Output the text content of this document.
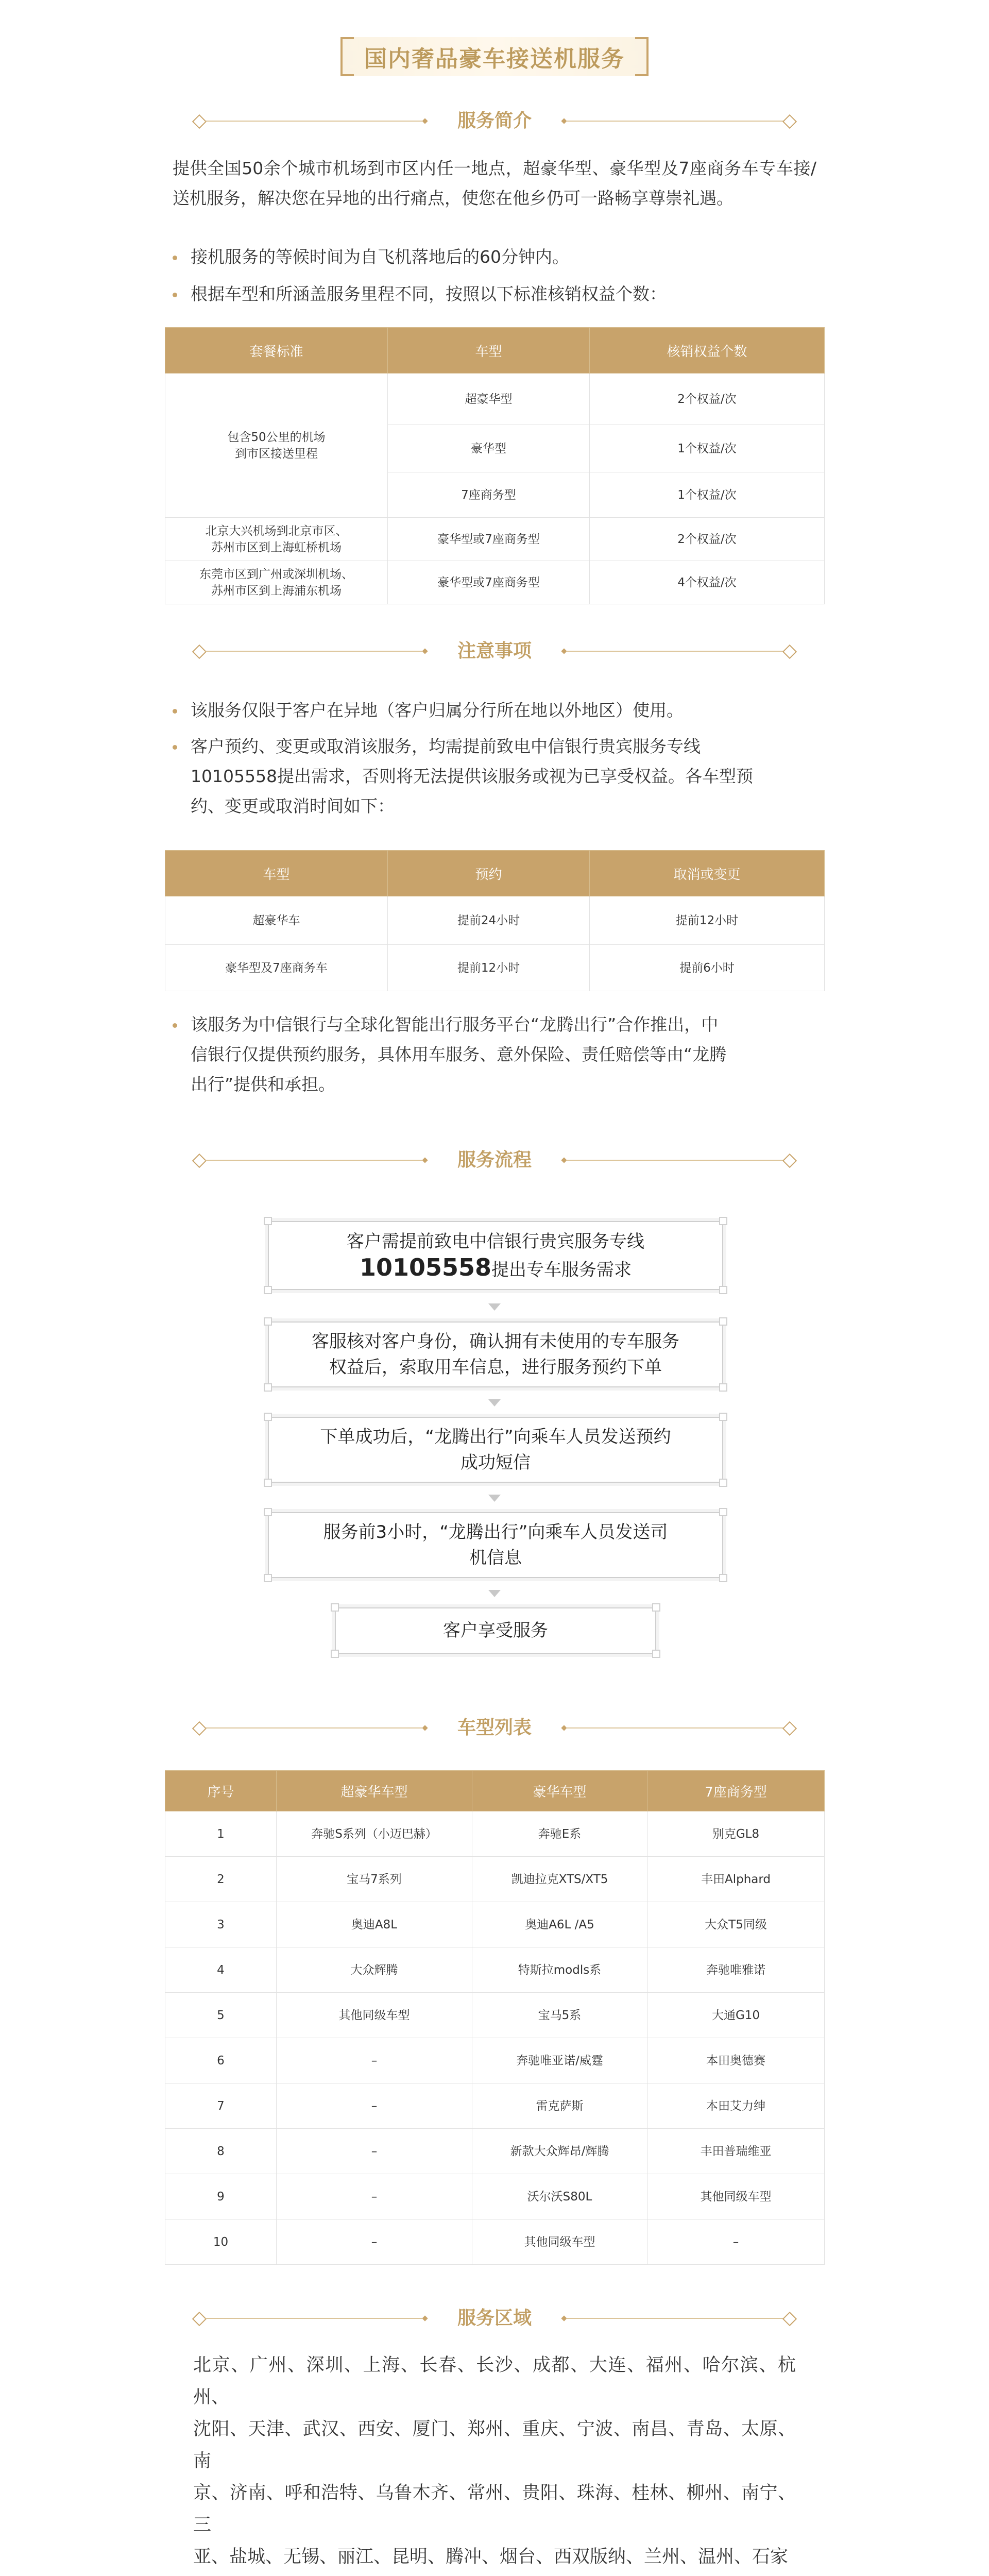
国内奢品豪车接送机服务
服务简介
提供全国50余个城市机场到市区内任一地点，超豪华型、豪华型及7座商务车专车接/送机服务，解决您在异地的出行痛点，使您在他乡仍可一路畅享尊崇礼遇。
接机服务的等候时间为自飞机落地后的60分钟内。
根据车型和所涵盖服务里程不同，按照以下标准核销权益个数：
套餐标准	车型	核销权益个数

包含50公里的机场
到市区接送里程	超豪华型	2个权益/次
	豪华型	1个权益/次
	7座商务型	1个权益/次

北京大兴机场到北京市区、
苏州市区到上海虹桥机场	豪华型或7座商务型	2个权益/次

东莞市区到广州或深圳机场、
苏州市区到上海浦东机场	豪华型或7座商务型	4个权益/次
注意事项
该服务仅限于客户在异地（客户归属分行所在地以外地区）使用。
客户预约、变更或取消该服务，均需提前致电中信银行贵宾服务专线
10105558提出需求，否则将无法提供该服务或视为已享受权益。各车型预
约、变更或取消时间如下：
车型	预约	取消或变更
超豪华车	提前24小时	提前12小时
豪华型及7座商务车	提前12小时	提前6小时
该服务为中信银行与全球化智能出行服务平台“龙腾出行”合作推出，中
信银行仅提供预约服务，具体用车服务、意外保险、责任赔偿等由“龙腾
出行”提供和承担。
服务流程
客户需提前致电中信银行贵宾服务专线
10105558提出专车服务需求
客服核对客户身份，确认拥有未使用的专车服务
权益后，索取用车信息，进行服务预约下单
下单成功后，“龙腾出行”向乘车人员发送预约
成功短信
服务前3小时，“龙腾出行”向乘车人员发送司
机信息
客户享受服务
车型列表
序号	超豪华车型	豪华车型	7座商务型
1	奔驰S系列（小迈巴赫）	奔驰E系	别克GL8
2	宝马7系列	凯迪拉克XTS/XT5	丰田Alphard
3	奥迪A8L	奥迪A6L /A5	大众T5同级
4	大众辉腾	特斯拉modls系	奔驰唯雅诺
5	其他同级车型	宝马5系	大通G10
6	–	奔驰唯亚诺/威霆	本田奥德赛
7	–	雷克萨斯	本田艾力绅
8	–	新款大众辉昂/辉腾	丰田普瑞维亚
9	–	沃尔沃S80L	其他同级车型
10	–	其他同级车型	–
服务区域
北京、广州、深圳、上海、长春、长沙、成都、大连、福州、哈尔滨、杭州、
沈阳、天津、武汉、西安、厦门、郑州、重庆、宁波、南昌、青岛、太原、南
京、济南、呼和浩特、乌鲁木齐、常州、贵阳、珠海、桂林、柳州、南宁、三
亚、盐城、无锡、丽江、昆明、腾冲、烟台、西双版纳、兰州、温州、石家
